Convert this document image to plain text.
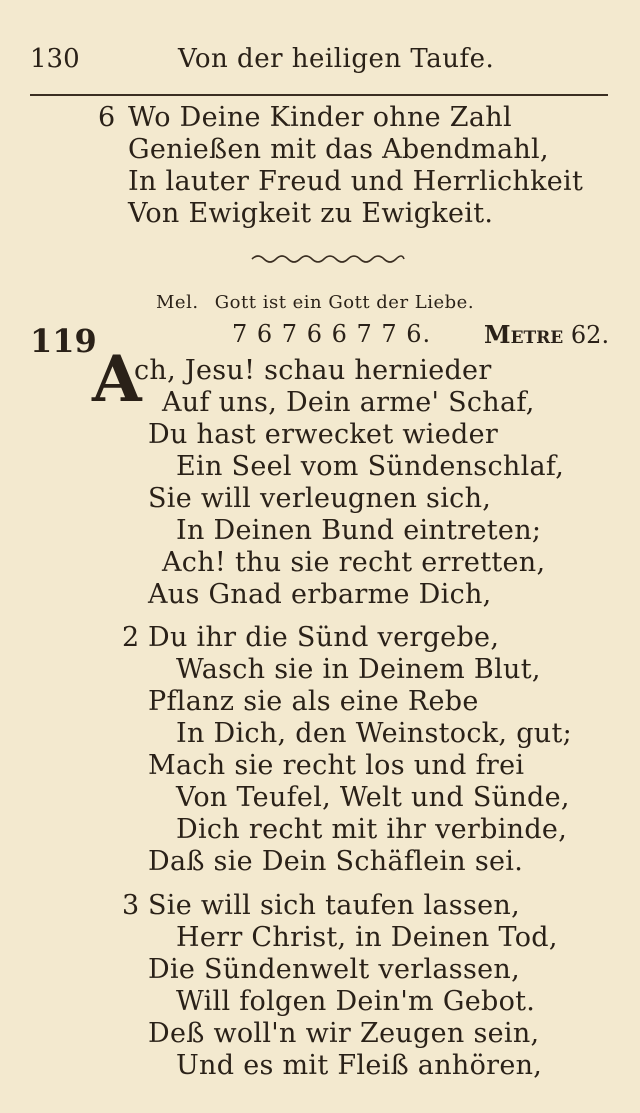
130	Von der heiligen Taufe.
6 Wo Deine Kinder ohne Zahl
Genießen mit das Abendmahl,
In lauter Freud und Herrlichkeit
Von Ewigkeit zu Ewigkeit.
Mel. Gott ist ein Gott der Liebe.
119	7 6 7 6 6 7 7 6. Metre 62.
A
ch, Jesu! schau hernieder
Auf uns, Dein arme' Schaf,
Du hast erwecket wieder
Ein Seel vom Sündenschlaf,
Sie will verleugnen sich,
In Deinen Bund eintreten;
Ach! thu sie recht erretten,
Aus Gnad erbarme Dich,
2 Du ihr die Sünd vergebe,
Wasch sie in Deinem Blut,
Pflanz sie als eine Rebe
In Dich, den Weinstock, gut;
Mach sie recht los und frei
Von Teufel, Welt und Sünde,
Dich recht mit ihr verbinde,
Daß sie Dein Schäflein sei.
3 Sie will sich taufen lassen,
Herr Christ, in Deinen Tod,
Die Sündenwelt verlassen,
Will folgen Dein'm Gebot.
Deß woll'n wir Zeugen sein,
Und es mit Fleiß anhören,
